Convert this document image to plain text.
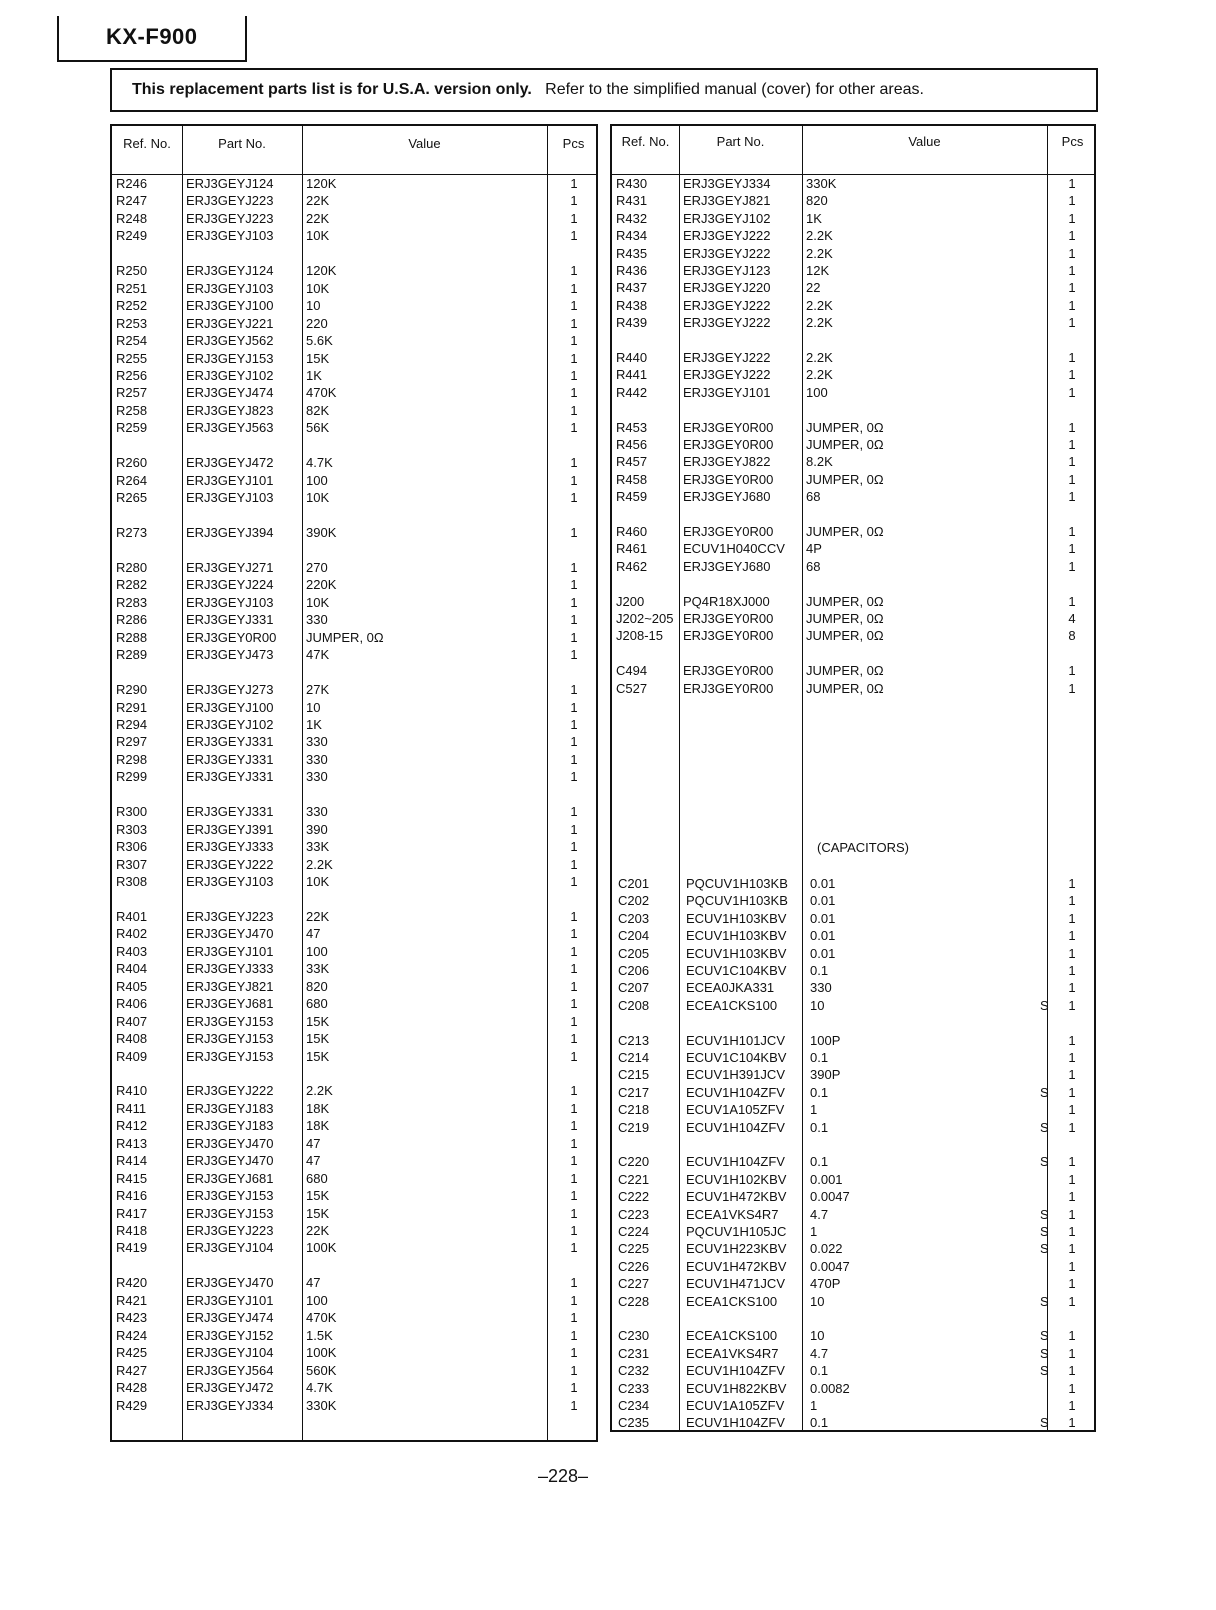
KX-F900
This replacement parts list is for U.S.A. version only. Refer to the simplified manual (cover) for other areas.
Ref. No.	Part No.	Value	Pcs
R246	ERJ3GEYJ124	120K	1
R247	ERJ3GEYJ223	22K	1
R248	ERJ3GEYJ223	22K	1
R249	ERJ3GEYJ103	10K	1
R250	ERJ3GEYJ124	120K	1
R251	ERJ3GEYJ103	10K	1
R252	ERJ3GEYJ100	10	1
R253	ERJ3GEYJ221	220	1
R254	ERJ3GEYJ562	5.6K	1
R255	ERJ3GEYJ153	15K	1
R256	ERJ3GEYJ102	1K	1
R257	ERJ3GEYJ474	470K	1
R258	ERJ3GEYJ823	82K	1
R259	ERJ3GEYJ563	56K	1
R260	ERJ3GEYJ472	4.7K	1
R264	ERJ3GEYJ101	100	1
R265	ERJ3GEYJ103	10K	1
R273	ERJ3GEYJ394	390K	1
R280	ERJ3GEYJ271	270	1
R282	ERJ3GEYJ224	220K	1
R283	ERJ3GEYJ103	10K	1
R286	ERJ3GEYJ331	330	1
R288	ERJ3GEY0R00 JUMPER, 0Ω	1
R289	ERJ3GEYJ473	47K	1
R290	ERJ3GEYJ273	27K	1
R291	ERJ3GEYJ100	10	1
R294	ERJ3GEYJ102	1K	1
R297	ERJ3GEYJ331	330	1
R298	ERJ3GEYJ331	330	1
R299	ERJ3GEYJ331	330	1
R300	ERJ3GEYJ331	330	1
R303	ERJ3GEYJ391	390	1
R306	ERJ3GEYJ333	33K	1
R307	ERJ3GEYJ222	2.2K	1
R308	ERJ3GEYJ103	10K	1
R401	ERJ3GEYJ223	22K	1
R402	ERJ3GEYJ470	47	1
R403	ERJ3GEYJ101	100	1
R404	ERJ3GEYJ333	33K	1
R405	ERJ3GEYJ821	820	1
R406	ERJ3GEYJ681	680	1
R407	ERJ3GEYJ153	15K	1
R408	ERJ3GEYJ153	15K	1
R409	ERJ3GEYJ153	15K	1
R410	ERJ3GEYJ222	2.2K	1
R411	ERJ3GEYJ183	18K	1
R412	ERJ3GEYJ183	18K	1
R413	ERJ3GEYJ470	47	1
R414	ERJ3GEYJ470	47	1
R415	ERJ3GEYJ681	680	1
R416	ERJ3GEYJ153	15K	1
R417	ERJ3GEYJ153	15K	1
R418	ERJ3GEYJ223	22K	1
R419	ERJ3GEYJ104	100K	1
R420	ERJ3GEYJ470	47	1
R421	ERJ3GEYJ101	100	1
R423	ERJ3GEYJ474	470K	1
R424	ERJ3GEYJ152	1.5K	1
R425	ERJ3GEYJ104	100K	1
R427	ERJ3GEYJ564	560K	1
R428	ERJ3GEYJ472	4.7K	1
R429	ERJ3GEYJ334	330K	1
Ref. No.	Part No.	Value	Pcs
(CAPACITORS)
R430	ERJ3GEYJ334	330K	1
R431	ERJ3GEYJ821	820	1
R432	ERJ3GEYJ102	1K	1
R434	ERJ3GEYJ222	2.2K	1
R435	ERJ3GEYJ222	2.2K	1
R436	ERJ3GEYJ123	12K	1
R437	ERJ3GEYJ220	22	1
R438	ERJ3GEYJ222	2.2K	1
R439	ERJ3GEYJ222	2.2K	1
R440	ERJ3GEYJ222	2.2K	1
R441	ERJ3GEYJ222	2.2K	1
R442	ERJ3GEYJ101	100	1
R453	ERJ3GEY0R00	JUMPER, 0Ω	1
R456	ERJ3GEY0R00	JUMPER, 0Ω	1
R457	ERJ3GEYJ822	8.2K	1
R458	ERJ3GEY0R00	JUMPER, 0Ω	1
R459	ERJ3GEYJ680	68	1
R460	ERJ3GEY0R00	JUMPER, 0Ω	1
R461	ECUV1H040CCV 4P	1
R462	ERJ3GEYJ680	68	1
J200	PQ4R18XJ000	JUMPER, 0Ω	1
J202~205 ERJ3GEY0R00	JUMPER, 0Ω	4
J208-15 ERJ3GEY0R00	JUMPER, 0Ω	8
C494	ERJ3GEY0R00	JUMPER, 0Ω	1
C527	ERJ3GEY0R00	JUMPER, 0Ω	1
C201	PQCUV1H103KB 0.01	1
C202	PQCUV1H103KB 0.01	1
C203	ECUV1H103KBV 0.01	1
C204	ECUV1H103KBV 0.01	1
C205	ECUV1H103KBV 0.01	1
C206	ECUV1C104KBV 0.1	1
C207	ECEA0JKA331	330	1
C208	ECEA1CKS100	10	S	1
C213	ECUV1H101JCV 100P	1
C214	ECUV1C104KBV 0.1	1
C215	ECUV1H391JCV 390P	1
C217	ECUV1H104ZFV 0.1	S	1
C218	ECUV1A105ZFV 1	1
C219	ECUV1H104ZFV 0.1	S	1
C220	ECUV1H104ZFV 0.1	S	1
C221	ECUV1H102KBV 0.001	1
C222	ECUV1H472KBV 0.0047	1
C223	ECEA1VKS4R7 4.7	S	1
C224	PQCUV1H105JC 1	S	1
C225	ECUV1H223KBV 0.022	S	1
C226	ECUV1H472KBV 0.0047	1
C227	ECUV1H471JCV 470P	1
C228	ECEA1CKS100	10	S	1
C230	ECEA1CKS100	10	S	1
C231	ECEA1VKS4R7 4.7	S	1
C232	ECUV1H104ZFV 0.1	S	1
C233	ECUV1H822KBV 0.0082	1
C234	ECUV1A105ZFV 1	1
C235	ECUV1H104ZFV 0.1	S	1
–228–
